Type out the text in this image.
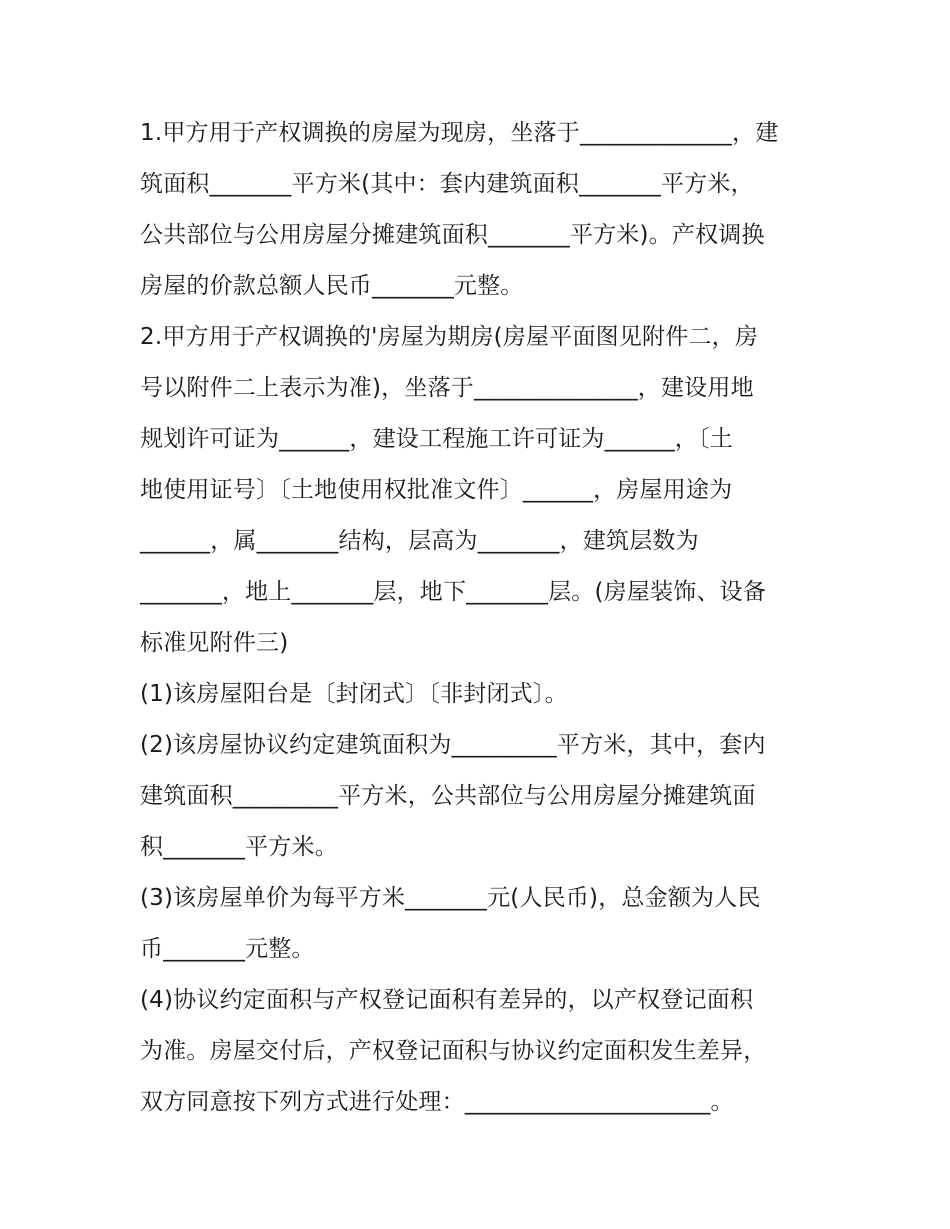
1.甲方用于产权调换的房屋为现房，坐落于_____________，建
筑面积_______平方米(其中：套内建筑面积_______平方米，
公共部位与公用房屋分摊建筑面积_______平方米)。产权调换
房屋的价款总额人民币_______元整。
2.甲方用于产权调换的'房屋为期房(房屋平面图见附件二，房
号以附件二上表示为准)，坐落于______________，建设用地
规划许可证为______，建设工程施工许可证为______，〔土
地使用证号〕〔土地使用权批准文件〕______，房屋用途为
______，属_______结构，层高为_______，建筑层数为
_______，地上_______层，地下_______层。(房屋装饰、设备
标准见附件三)
(1)该房屋阳台是〔封闭式〕〔非封闭式〕。
(2)该房屋协议约定建筑面积为_________平方米，其中，套内
建筑面积_________平方米，公共部位与公用房屋分摊建筑面
积_______平方米。
(3)该房屋单价为每平方米_______元(人民币)，总金额为人民
币_______元整。
(4)协议约定面积与产权登记面积有差异的，以产权登记面积
为准。房屋交付后，产权登记面积与协议约定面积发生差异，
双方同意按下列方式进行处理：_____________________。
